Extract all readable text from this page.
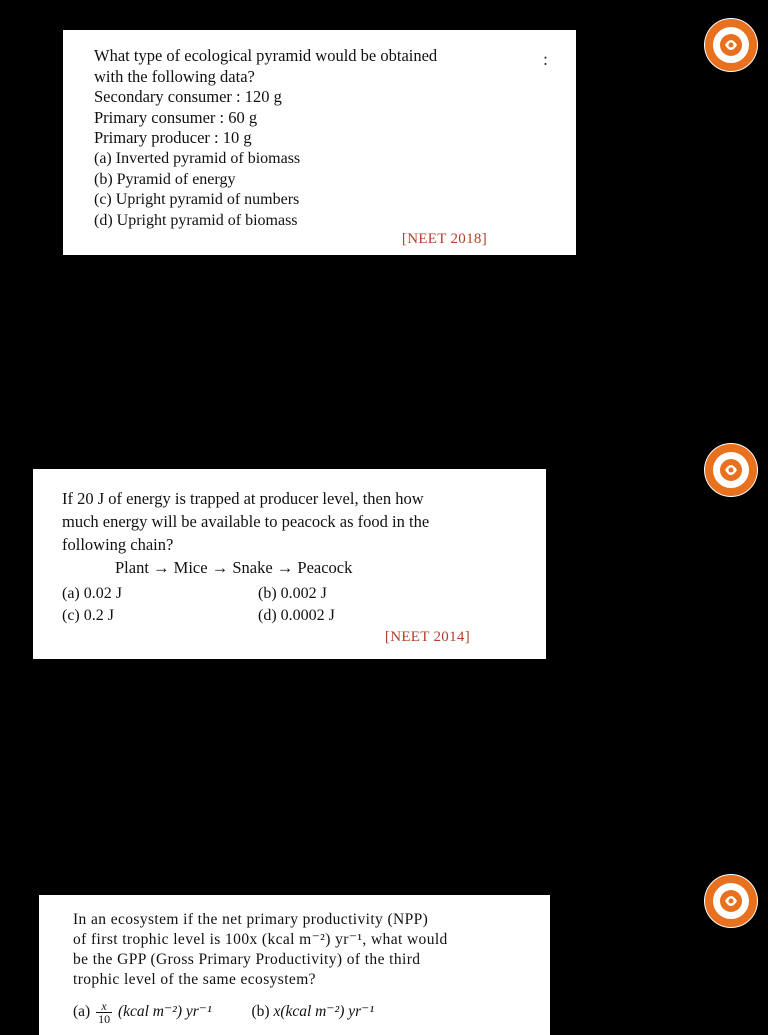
What type of ecological pyramid would be obtained
with the following data?
Secondary consumer : 120 g
Primary consumer : 60 g
Primary producer : 10 g
(a) Inverted pyramid of biomass
(b) Pyramid of energy
(c) Upright pyramid of numbers
(d) Upright pyramid of biomass
[NEET 2018]
:
If 20 J of energy is trapped at producer level, then how
much energy will be available to peacock as food in the
following chain?
Plant → Mice → Snake → Peacock
(a) 0.02 J	(b) 0.002 J
(c) 0.2 J	(d) 0.0002 J
[NEET 2014]
In an ecosystem if the net primary productivity (NPP)
of first trophic level is 100x (kcal m⁻²) yr⁻¹, what would
be the GPP (Gross Primary Productivity) of the third
trophic level of the same ecosystem?
$(a) \frac{x}{10}$ (kcal m⁻²) yr⁻¹	(b) x(kcal m⁻²) yr⁻¹
